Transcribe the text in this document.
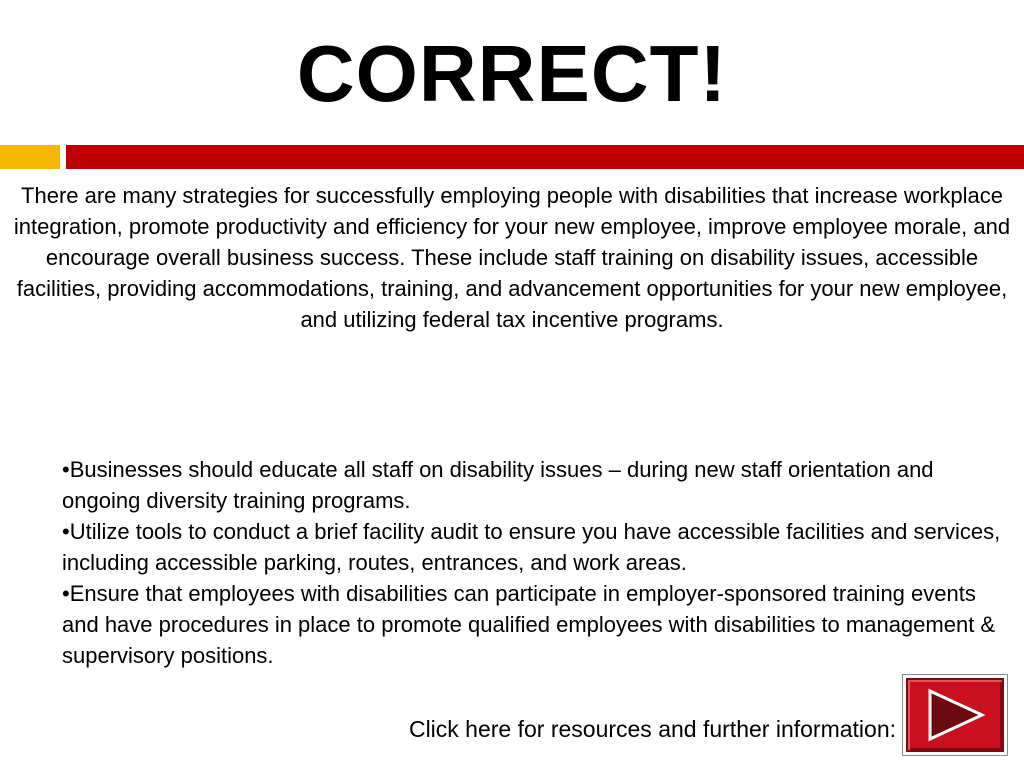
CORRECT!

There are many strategies for successfully employing people with disabilities that increase workplace integration, promote productivity and efficiency for your new employee, improve employee morale, and encourage overall business success. These include staff training on disability issues, accessible facilities, providing accommodations, training, and advancement opportunities for your new employee, and utilizing federal tax incentive programs.

•Businesses should educate all staff on disability issues – during new staff orientation and ongoing diversity training programs.
•Utilize tools to conduct a brief facility audit to ensure you have accessible facilities and services, including accessible parking, routes, entrances, and work areas.
•Ensure that employees with disabilities can participate in employer-sponsored training events and have procedures in place to promote qualified employees with disabilities to management & supervisory positions.

Click here for resources and further information:
